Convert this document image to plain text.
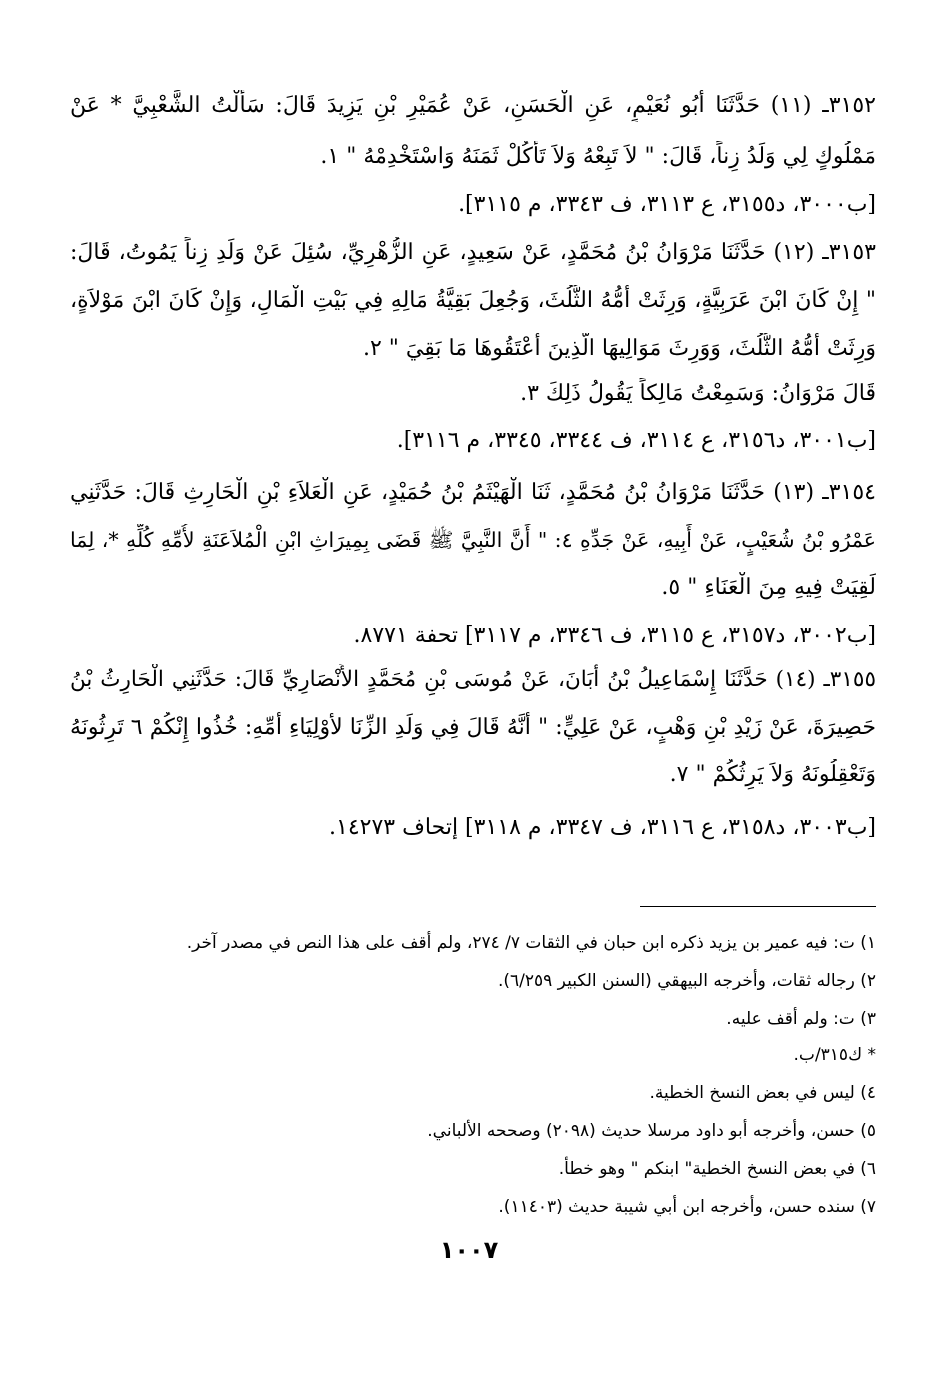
٣١٥٢ـ (١١) حَدَّثَنَا أَبُو نُعَيْمٍ، عَنِ الْحَسَنِ، عَنْ عُمَيْرِ بْنِ يَزِيدَ قَالَ: سَأَلْتُ الشَّعْبِيَّ * عَنْ
مَمْلُوكٍ لِي وَلَدُ زِناً، قَالَ: " لاَ تَبِعْهُ وَلاَ تَأْكُلْ ثَمَنَهُ وَاسْتَخْدِمْهُ " ١.
[ب٣٠٠٠، د٣١٥٥، ع ٣١١٣، ف ٣٣٤٣، م ٣١١٥].
٣١٥٣ـ (١٢) حَدَّثَنَا مَرْوَانُ بْنُ مُحَمَّدٍ، عَنْ سَعِيدٍ، عَنِ الزُّهْرِيِّ، سُئِلَ عَنْ وَلَدِ زِناً يَمُوتُ، قَالَ:
" إِنْ كَانَ ابْنَ عَرَبِيَّةٍ، وَرِثَتْ أُمُّهُ الثُّلُثَ، وَجُعِلَ بَقِيَّةُ مَالِهِ فِي بَيْتِ الْمَالِ، وَإِنْ كَانَ ابْنَ مَوْلاَةٍ،
وَرِثَتْ أُمُّهُ الثُّلُثَ، وَوَرِثَ مَوَالِيهَا الَّذِينَ أَعْتَقُوهَا مَا بَقِيَ " ٢.
قَالَ مَرْوَانُ: وَسَمِعْتُ مَالِكاً يَقُولُ ذَلِكَ ٣.
[ب٣٠٠١، د٣١٥٦، ع ٣١١٤، ف ٣٣٤٤، ٣٣٤٥، م ٣١١٦].
٣١٥٤ـ (١٣) حَدَّثَنَا مَرْوَانُ بْنُ مُحَمَّدٍ، ثَنَا الْهَيْثَمُ بْنُ حُمَيْدٍ، عَنِ الْعَلاَءِ بْنِ الْحَارِثِ قَالَ: حَدَّثَنِي
عَمْرُو بْنُ شُعَيْبٍ، عَنْ أَبِيهِ، عَنْ جَدِّهِ ٤: " أَنَّ النَّبِيَّ ﷺ قَضَى بِمِيرَاثِ ابْنِ الْمُلاَعَنَةِ لأُمِّهِ كُلِّهِ *، لِمَا
لَقِيَتْ فِيهِ مِنَ الْعَنَاءِ " ٥.
[ب٣٠٠٢، د٣١٥٧، ع ٣١١٥، ف ٣٣٤٦، م ٣١١٧] تحفة ٨٧٧١.
٣١٥٥ـ (١٤) حَدَّثَنَا إِسْمَاعِيلُ بْنُ أَبَانَ، عَنْ مُوسَى بْنِ مُحَمَّدٍ الأَنْصَارِيِّ قَالَ: حَدَّثَنِي الْحَارِثُ بْنُ
حَصِيرَةَ، عَنْ زَيْدِ بْنِ وَهْبٍ، عَنْ عَلِيٍّ: " أَنَّهُ قَالَ فِي وَلَدِ الزِّنَا لأَوْلِيَاءِ أُمِّهِ: خُذُوا إِنْكُمْ ٦ تَرِثُونَهُ
وَتَعْقِلُونَهُ وَلاَ يَرِثُكُمْ " ٧.
[ب٣٠٠٣، د٣١٥٨، ع ٣١١٦، ف ٣٣٤٧، م ٣١١٨] إتحاف ١٤٢٧٣.
١) ت: فيه عمير بن يزيد ذكره ابن حبان في الثقات ٧/ ٢٧٤، ولم أقف على هذا النص في مصدر آخر.
٢) رجاله ثقات، وأخرجه البيهقي (السنن الكبير ٦/٢٥٩).
٣) ت: ولم أقف عليه.
* ك٣١٥/ب.
٤) ليس في بعض النسخ الخطية.
٥) حسن، وأخرجه أبو داود مرسلا حديث (٢٠٩٨) وصححه الألباني.
٦) في بعض النسخ الخطية" ابنكم " وهو خطأ.
٧) سنده حسن، وأخرجه ابن أبي شيبة حديث (١١٤٠٣).
١٠٠٧
